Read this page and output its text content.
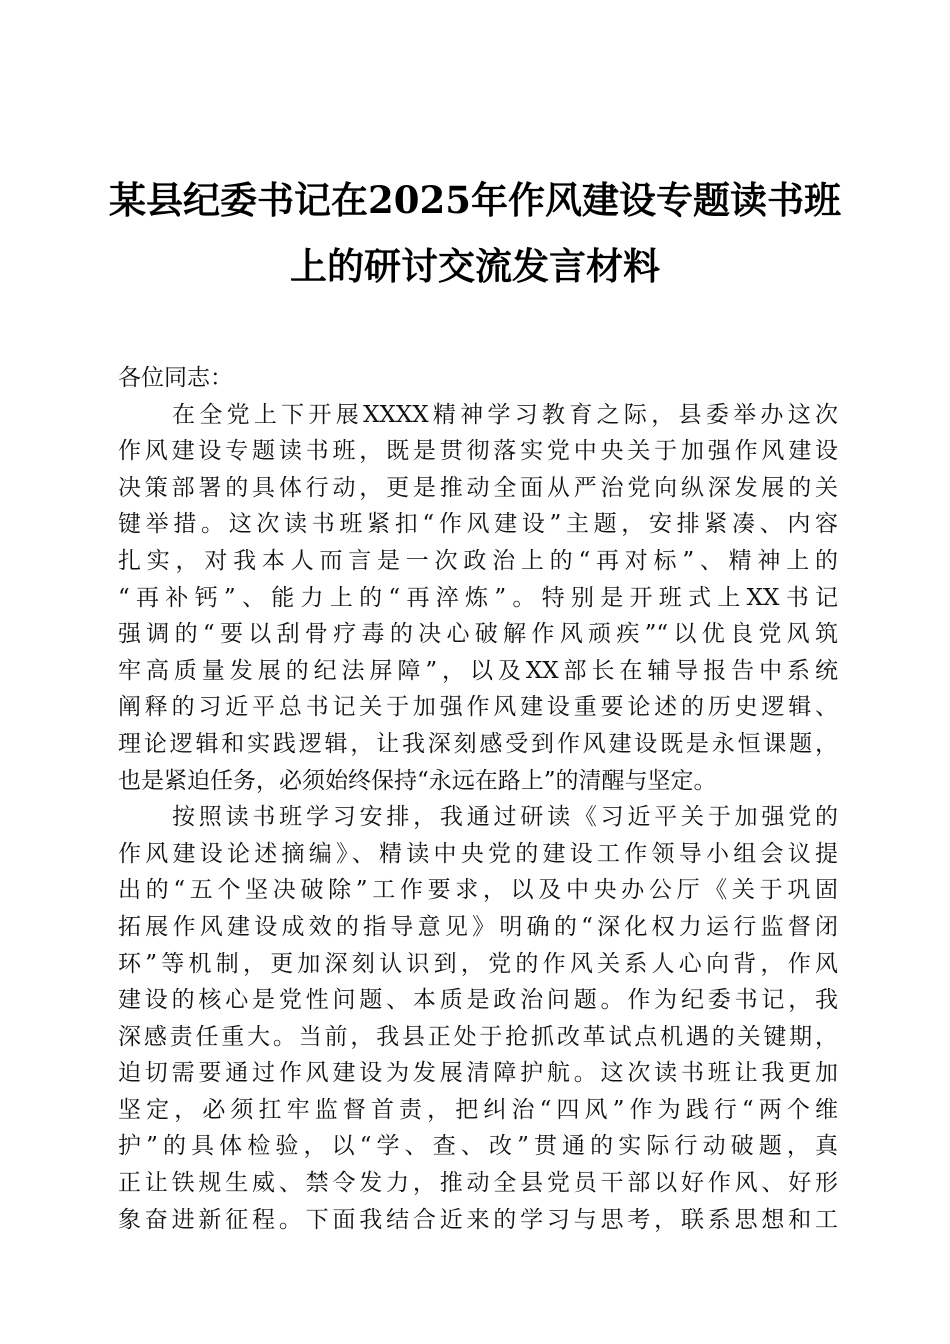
某县纪委书记在2025年作风建设专题读书班
上的研讨交流发言材料
各位同志：
在全党上下开展XXXX精神学习教育之际，县委举办这次
作风建设专题读书班，既是贯彻落实党中央关于加强作风建设
决策部署的具体行动，更是推动全面从严治党向纵深发展的关
键举措。这次读书班紧扣“作风建设”主题，安排紧凑、内容
扎实，对我本人而言是一次政治上的“再对标”、精神上的
“再补钙”、能力上的“再淬炼”。特别是开班式上XX书记
强调的“要以刮骨疗毒的决心破解作风顽疾”“以优良党风筑
牢高质量发展的纪法屏障”，以及XX部长在辅导报告中系统
阐释的习近平总书记关于加强作风建设重要论述的历史逻辑、
理论逻辑和实践逻辑，让我深刻感受到作风建设既是永恒课题，
也是紧迫任务，必须始终保持“永远在路上”的清醒与坚定。
按照读书班学习安排，我通过研读《习近平关于加强党的
作风建设论述摘编》、精读中央党的建设工作领导小组会议提
出的“五个坚决破除”工作要求，以及中央办公厅《关于巩固
拓展作风建设成效的指导意见》明确的“深化权力运行监督闭
环”等机制，更加深刻认识到，党的作风关系人心向背，作风
建设的核心是党性问题、本质是政治问题。作为纪委书记，我
深感责任重大。当前，我县正处于抢抓改革试点机遇的关键期，
迫切需要通过作风建设为发展清障护航。这次读书班让我更加
坚定，必须扛牢监督首责，把纠治“四风”作为践行“两个维
护”的具体检验，以“学、查、改”贯通的实际行动破题，真
正让铁规生威、禁令发力，推动全县党员干部以好作风、好形
象奋进新征程。下面我结合近来的学习与思考，联系思想和工
